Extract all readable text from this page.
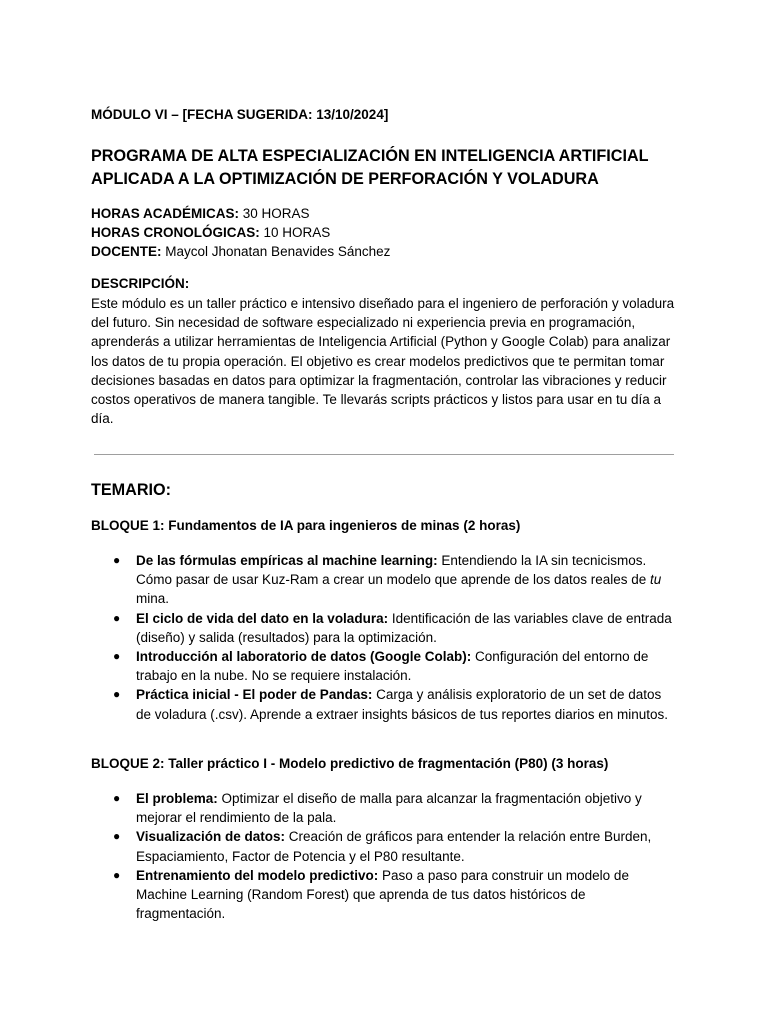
MÓDULO VI – [FECHA SUGERIDA: 13/10/2024]
PROGRAMA DE ALTA ESPECIALIZACIÓN EN INTELIGENCIA ARTIFICIAL APLICADA A LA OPTIMIZACIÓN DE PERFORACIÓN Y VOLADURA
HORAS ACADÉMICAS: 30 HORAS
HORAS CRONOLÓGICAS: 10 HORAS
DOCENTE: Maycol Jhonatan Benavides Sánchez
DESCRIPCIÓN:
Este módulo es un taller práctico e intensivo diseñado para el ingeniero de perforación y voladura del futuro. Sin necesidad de software especializado ni experiencia previa en programación, aprenderás a utilizar herramientas de Inteligencia Artificial (Python y Google Colab) para analizar los datos de tu propia operación. El objetivo es crear modelos predictivos que te permitan tomar decisiones basadas en datos para optimizar la fragmentación, controlar las vibraciones y reducir costos operativos de manera tangible. Te llevarás scripts prácticos y listos para usar en tu día a día.
TEMARIO:
BLOQUE 1: Fundamentos de IA para ingenieros de minas (2 horas)
● De las fórmulas empíricas al machine learning: Entendiendo la IA sin tecnicismos. Cómo pasar de usar Kuz-Ram a crear un modelo que aprende de los datos reales de tu mina.
● El ciclo de vida del dato en la voladura: Identificación de las variables clave de entrada (diseño) y salida (resultados) para la optimización.
● Introducción al laboratorio de datos (Google Colab): Configuración del entorno de trabajo en la nube. No se requiere instalación.
● Práctica inicial - El poder de Pandas: Carga y análisis exploratorio de un set de datos de voladura (.csv). Aprende a extraer insights básicos de tus reportes diarios en minutos.
BLOQUE 2: Taller práctico I - Modelo predictivo de fragmentación (P80) (3 horas)
● El problema: Optimizar el diseño de malla para alcanzar la fragmentación objetivo y mejorar el rendimiento de la pala.
● Visualización de datos: Creación de gráficos para entender la relación entre Burden, Espaciamiento, Factor de Potencia y el P80 resultante.
● Entrenamiento del modelo predictivo: Paso a paso para construir un modelo de Machine Learning (Random Forest) que aprenda de tus datos históricos de fragmentación.
